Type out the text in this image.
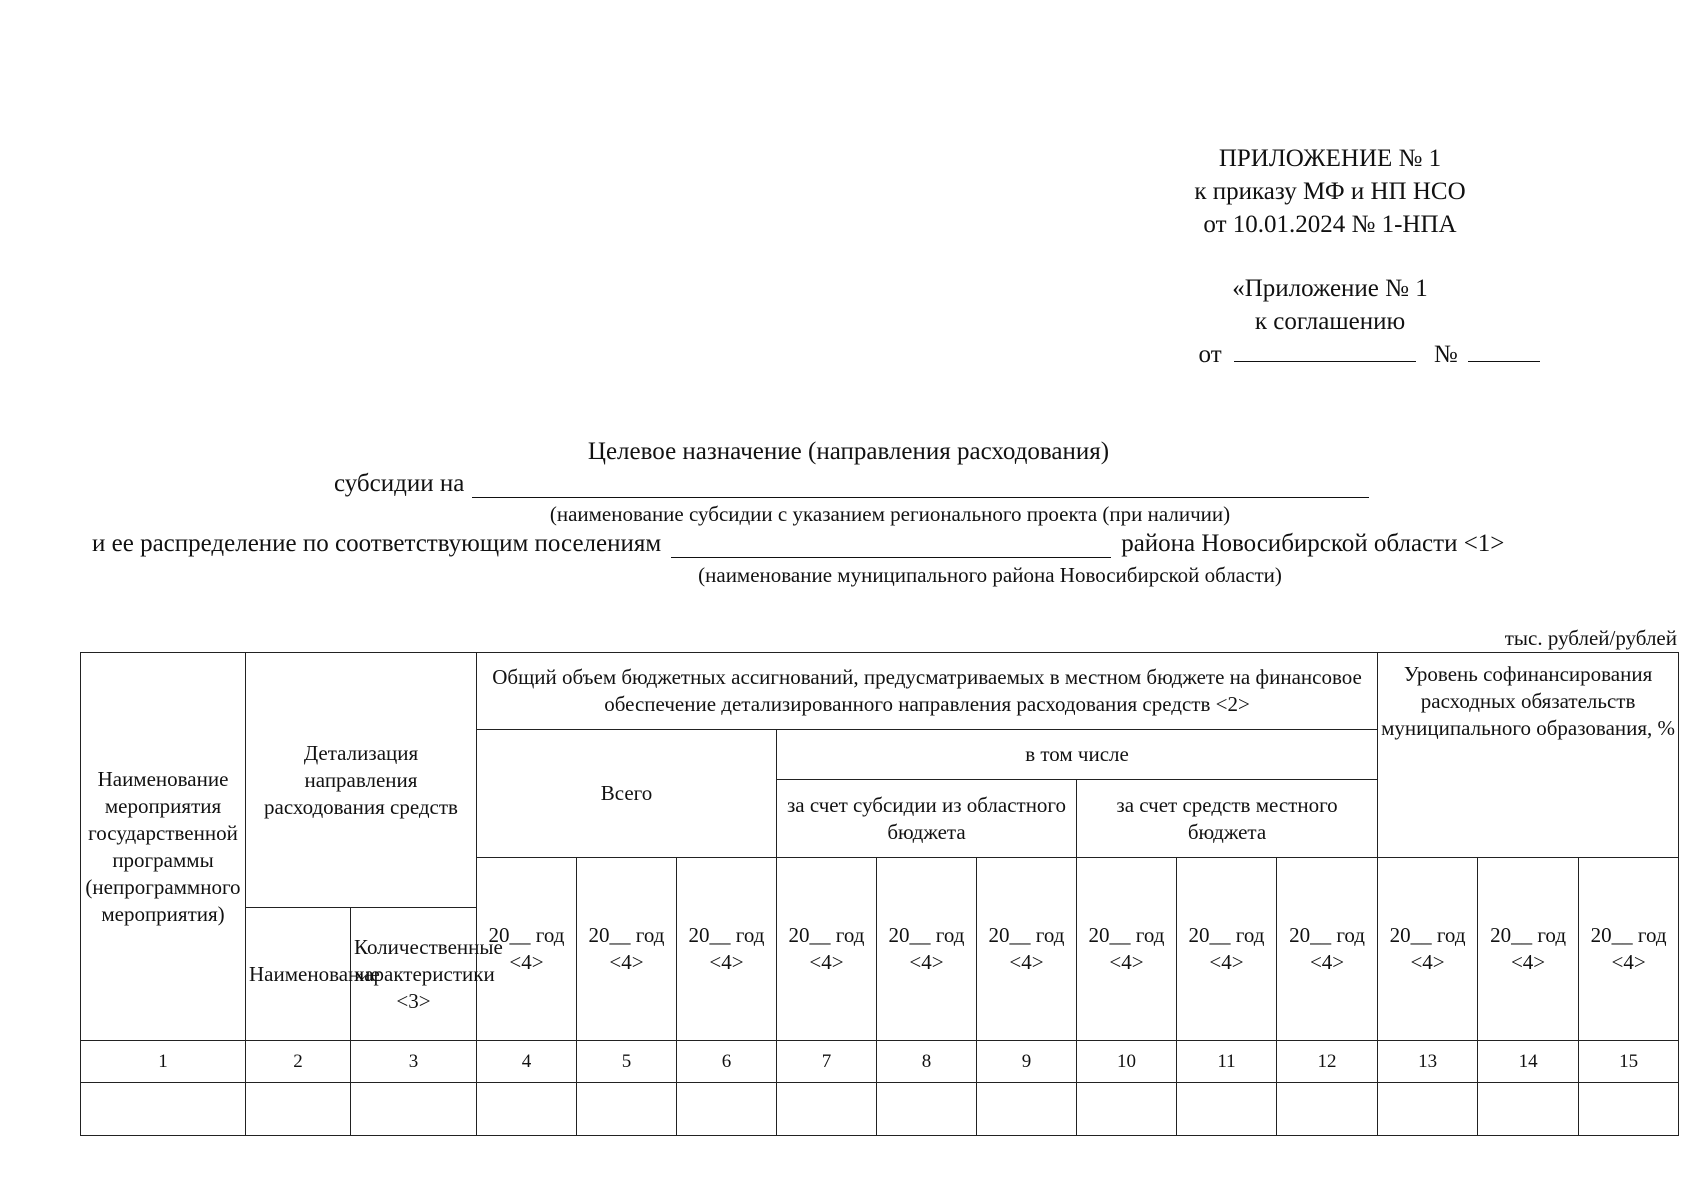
ПРИЛОЖЕНИЕ № 1
к приказу МФ и НП НСО
от 10.01.2024 № 1-НПА
«Приложение № 1
к соглашению
от	№
Целевое назначение (направления расходования)
субсидии на
(наименование субсидии с указанием регионального проекта (при наличии)
и ее распределение по соответствующим поселениям	района Новосибирской области <1>
(наименование муниципального района Новосибирской области)
тыс. рублей/рублей
Наименование мероприятия государственной программы (непрограммного мероприятия)	Детализация направления расходования средств		Общий объем бюджетных ассигнований, предусматриваемых в местном бюджете на финансовое обеспечение детализированного направления расходования средств <2>									Уровень софинансирования расходных обязательств муниципального образования, %		
			Всего			в том числе								
						за счет субсидии из областного бюджета			за счет средств местного бюджета					
			20__ год <4>	20__ год <4>	20__ год <4>	20__ год <4>	20__ год <4>	20__ год <4>	20__ год <4>	20__ год <4>	20__ год <4>	20__ год <4>	20__ год <4>	20__ год <4>
	Наименование	Количественные характеристики <3>												
1	2	3	4	5	6	7	8	9	10	11	12	13	14	15
